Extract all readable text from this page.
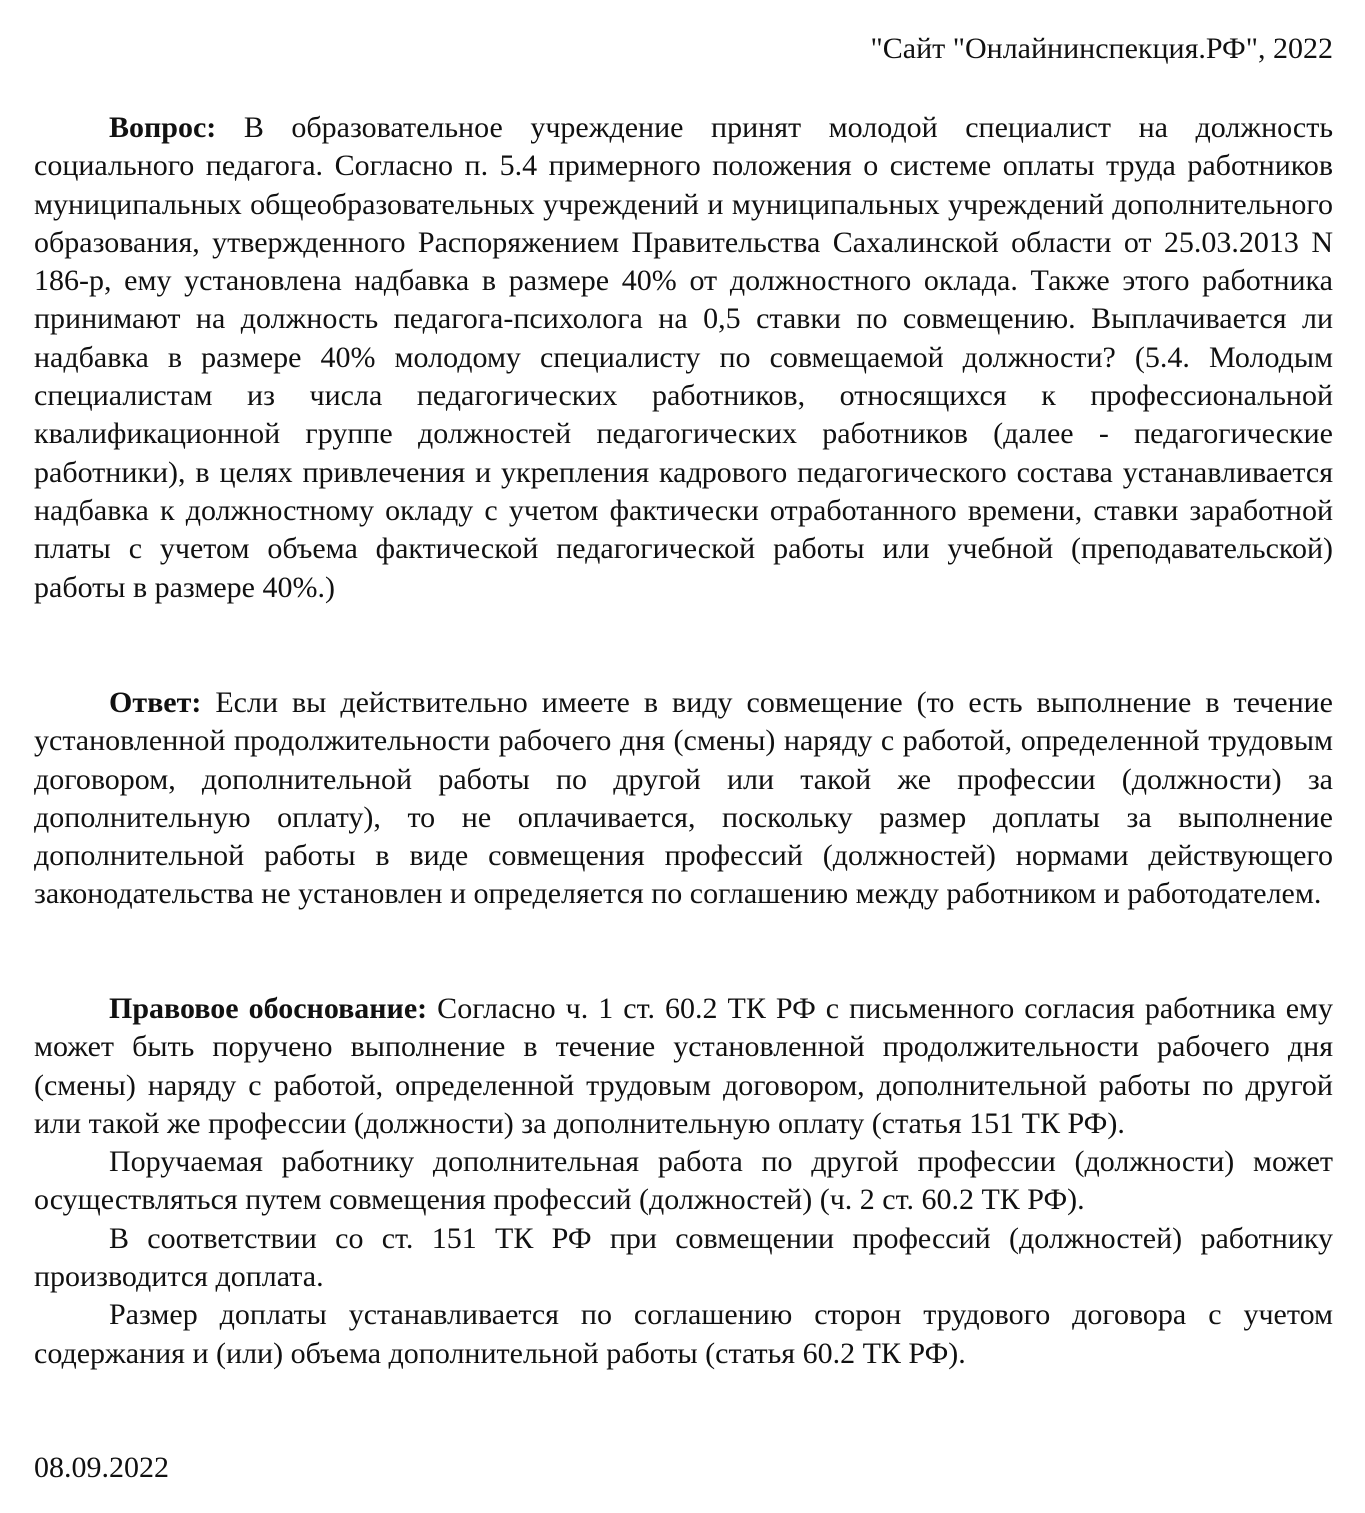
"Сайт "Онлайнинспекция.РФ", 2022

Вопрос: В образовательное учреждение принят молодой специалист на должность социального педагога. Согласно п. 5.4 примерного положения о системе оплаты труда работников муниципальных общеобразовательных учреждений и муниципальных учреждений дополнительного образования, утвержденного Распоряжением Правительства Сахалинской области от 25.03.2013 N 186-р, ему установлена надбавка в размере 40% от должностного оклада. Также этого работника принимают на должность педагога-психолога на 0,5 ставки по совмещению. Выплачивается ли надбавка в размере 40% молодому специалисту по совмещаемой должности? (5.4. Молодым специалистам из числа педагогических работников, относящихся к профессиональной квалификационной группе должностей педагогических работников (далее - педагогические работники), в целях привлечения и укрепления кадрового педагогического состава устанавливается надбавка к должностному окладу с учетом фактически отработанного времени, ставки заработной платы с учетом объема фактической педагогической работы или учебной (преподавательской) работы в размере 40%.)

Ответ: Если вы действительно имеете в виду совмещение (то есть выполнение в течение установленной продолжительности рабочего дня (смены) наряду с работой, определенной трудовым договором, дополнительной работы по другой или такой же профессии (должности) за дополнительную оплату), то не оплачивается, поскольку размер доплаты за выполнение дополнительной работы в виде совмещения профессий (должностей) нормами действующего законодательства не установлен и определяется по соглашению между работником и работодателем.

Правовое обоснование: Согласно ч. 1 ст. 60.2 ТК РФ с письменного согласия работника ему может быть поручено выполнение в течение установленной продолжительности рабочего дня (смены) наряду с работой, определенной трудовым договором, дополнительной работы по другой или такой же профессии (должности) за дополнительную оплату (статья 151 ТК РФ).

Поручаемая работнику дополнительная работа по другой профессии (должности) может осуществляться путем совмещения профессий (должностей) (ч. 2 ст. 60.2 ТК РФ).

В соответствии со ст. 151 ТК РФ при совмещении профессий (должностей) работнику производится доплата.

Размер доплаты устанавливается по соглашению сторон трудового договора с учетом содержания и (или) объема дополнительной работы (статья 60.2 ТК РФ).

08.09.2022
